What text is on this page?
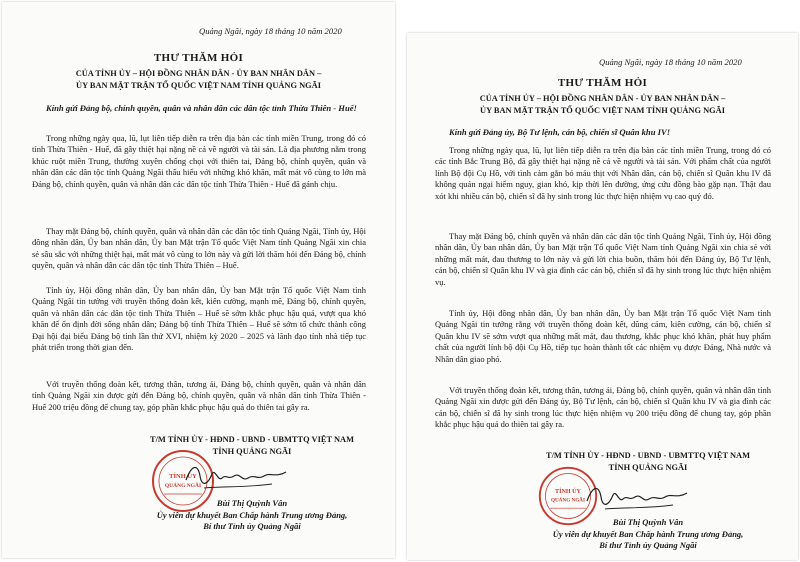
Quảng Ngãi, ngày 18 tháng 10 năm 2020
THƯ THĂM HỎI
CỦA TỈNH ỦY – HỘI ĐỒNG NHÂN DÂN - ỦY BAN NHÂN DÂN –
ỦY BAN MẶT TRẬN TỔ QUỐC VIỆT NAM TỈNH QUẢNG NGÃI
Kính gửi Đảng bộ, chính quyền, quân và nhân dân các dân tộc tỉnh Thừa Thiên - Huế!

Trong những ngày qua, lũ, lụt liên tiếp diễn ra trên địa bàn các tỉnh miền Trung, trong đó có tỉnh Thừa Thiên - Huế, đã gây thiệt hại nặng nề cả về người và tài sản. Là địa phương nằm trong khúc ruột miền Trung, thường xuyên chống chọi với thiên tai, Đảng bộ, chính quyền, quân và nhân dân các dân tộc tỉnh Quảng Ngãi thấu hiểu với những khó khăn, mất mát vô cùng to lớn mà Đảng bộ, chính quyền, quân và nhân dân các dân tộc tỉnh Thừa Thiên - Huế đã gánh chịu.

Thay mặt Đảng bộ, chính quyền, quân và nhân dân các dân tộc tỉnh Quảng Ngãi, Tỉnh ủy, Hội đồng nhân dân, Ủy ban nhân dân, Ủy ban Mặt trận Tổ quốc Việt Nam tỉnh Quảng Ngãi xin chia sẻ sâu sắc với những thiệt hại, mất mát vô cùng to lớn này và gửi lời thăm hỏi đến Đảng bộ, chính quyền, quân và nhân dân các dân tộc tỉnh Thừa Thiên – Huế.

Tỉnh ủy, Hội đồng nhân dân, Ủy ban nhân dân, Ủy ban Mặt trận Tổ quốc Việt Nam tỉnh Quảng Ngãi tin tưởng với truyền thống đoàn kết, kiên cường, mạnh mẽ, Đảng bộ, chính quyền, quân và nhân dân các dân tộc tỉnh Thừa Thiên – Huế sẽ sớm khắc phục hậu quả, vượt qua khó khăn để ổn định đời sống nhân dân; Đảng bộ tỉnh Thừa Thiên – Huế sẽ sớm tổ chức thành công Đại hội đại biểu Đảng bộ tỉnh lần thứ XVI, nhiệm kỳ 2020 – 2025 và lãnh đạo tỉnh nhà tiếp tục phát triển trong thời gian đến.

Với truyền thống đoàn kết, tương thân, tương ái, Đảng bộ, chính quyền, quân và nhân dân tỉnh Quảng Ngãi xin được gửi đến Đảng bộ, chính quyền, quân và nhân dân tỉnh Thừa Thiên - Huế 200 triệu đồng để chung tay, góp phần khắc phục hậu quả do thiên tai gây ra.

T/M TỈNH ỦY - HĐND - UBND - UBMTTQ VIỆT NAM
TỈNH QUẢNG NGÃI
TỈNH ỦY
QUẢNG NGÃI
Bùi Thị Quỳnh Vân
Ủy viên dự khuyết Ban Chấp hành Trung ương Đảng,
Bí thư Tỉnh ủy Quảng Ngãi
Quảng Ngãi, ngày 18 tháng 10 năm 2020
THƯ THĂM HỎI
CỦA TỈNH ỦY – HỘI ĐỒNG NHÂN DÂN - ỦY BAN NHÂN DÂN –
ỦY BAN MẶT TRẬN TỔ QUỐC VIỆT NAM TỈNH QUẢNG NGÃI
Kính gửi Đảng ủy, Bộ Tư lệnh, cán bộ, chiến sĩ Quân khu IV!

Trong những ngày qua, lũ, lụt liên tiếp diễn ra trên địa bàn các tỉnh miền Trung, trong đó có các tỉnh Bắc Trung Bộ, đã gây thiệt hại nặng nề cả về người và tài sản. Với phẩm chất của người lính Bộ đội Cụ Hồ, với tình cảm gắn bó máu thịt với Nhân dân, cán bộ, chiến sĩ Quân khu IV đã không quản ngại hiểm nguy, gian khó, kịp thời lên đường, ứng cứu đồng bào gặp nạn. Thật đau xót khi nhiều cán bộ, chiến sĩ đã hy sinh trong lúc thực hiện nhiệm vụ cao quý đó.

Thay mặt Đảng bộ, chính quyền và nhân dân các dân tộc tỉnh Quảng Ngãi, Tỉnh ủy, Hội đồng nhân dân, Ủy ban nhân dân, Ủy ban Mặt trận Tổ quốc Việt Nam tỉnh Quảng Ngãi xin chia sẻ với những mất mát, đau thương to lớn này và gửi lời chia buồn, thăm hỏi đến Đảng ủy, Bộ Tư lệnh, cán bộ, chiến sĩ Quân khu IV và gia đình các cán bộ, chiến sĩ đã hy sinh trong lúc thực hiện nhiệm vụ.

Tỉnh ủy, Hội đồng nhân dân, Ủy ban nhân dân, Ủy ban Mặt trận Tổ quốc Việt Nam tỉnh Quảng Ngãi tin tưởng rằng với truyền thống đoàn kết, dũng cảm, kiên cường, cán bộ, chiến sĩ Quân khu IV sẽ sớm vượt qua những mất mát, đau thương, khắc phục khó khăn, phát huy phẩm chất của người lính bộ đội Cụ Hồ, tiếp tục hoàn thành tốt các nhiệm vụ được Đảng, Nhà nước và Nhân dân giao phó.

Với truyền thống đoàn kết, tương thân, tương ái, Đảng bộ, chính quyền, quân và nhân dân tỉnh Quảng Ngãi xin được gửi đến Đảng ủy, Bộ Tư lệnh, cán bộ, chiến sĩ Quân khu IV và gia đình các cán bộ, chiến sĩ đã hy sinh trong lúc thực hiện nhiệm vụ 200 triệu đồng để chung tay, góp phần khắc phục hậu quả do thiên tai gây ra.

T/M TỈNH ỦY - HĐND - UBND - UBMTTQ VIỆT NAM
TỈNH QUẢNG NGÃI
TỈNH ỦY
QUẢNG NGÃI
Bùi Thị Quỳnh Vân
Ủy viên dự khuyết Ban Chấp hành Trung ương Đảng,
Bí thư Tỉnh ủy Quảng Ngãi
